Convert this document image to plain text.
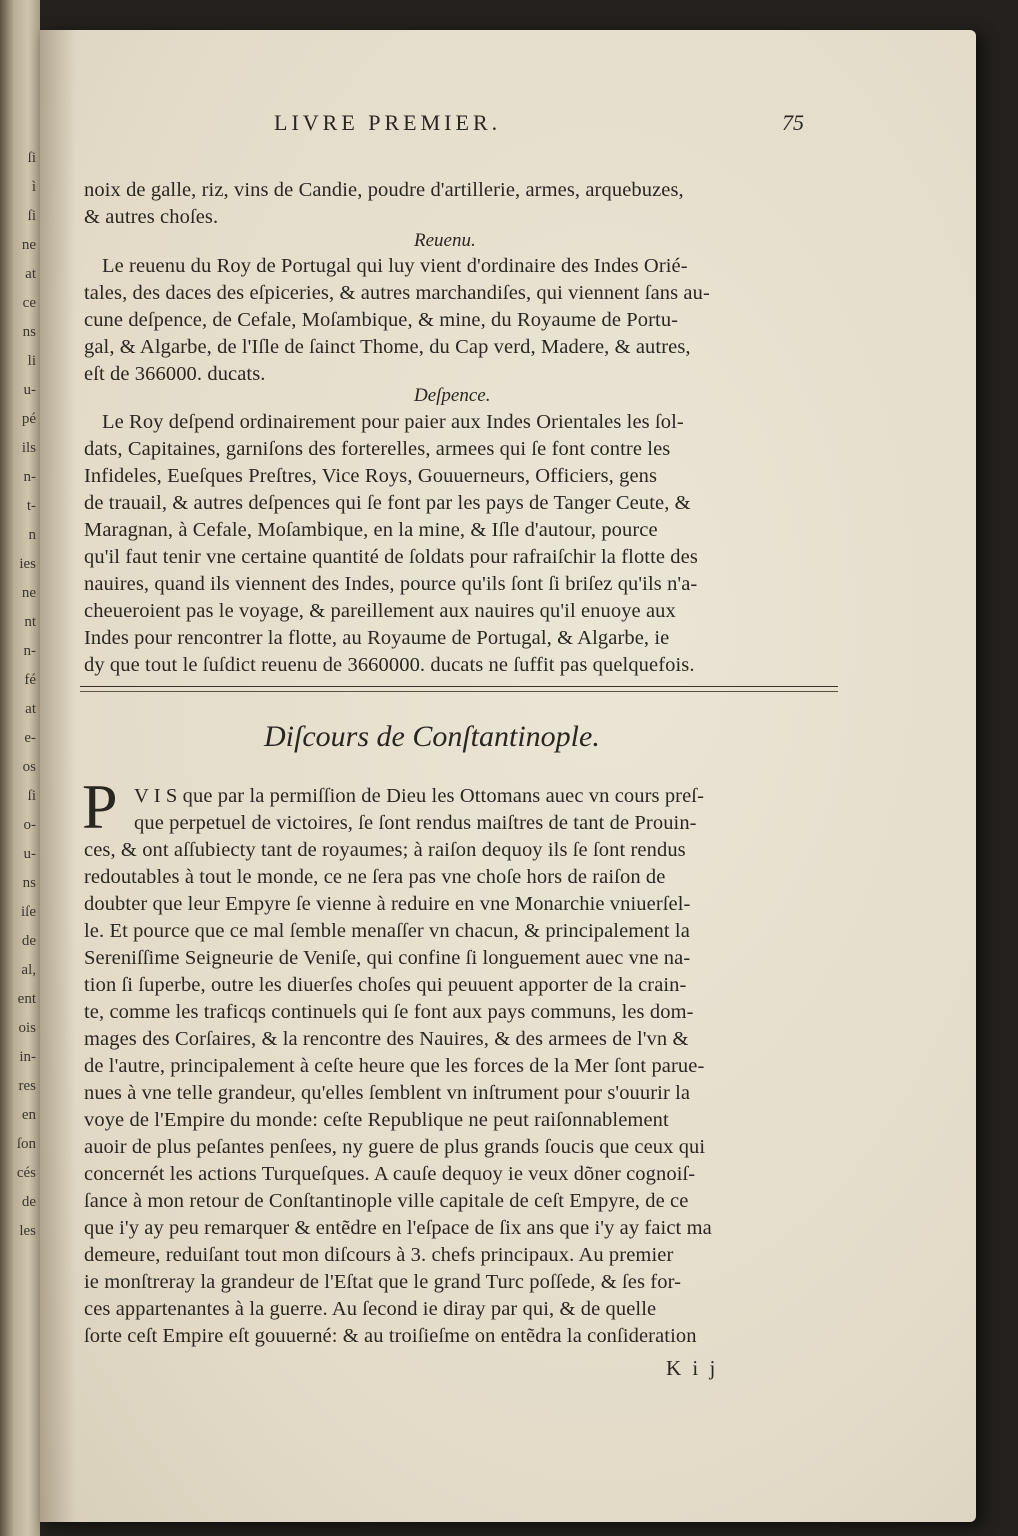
ſi
ì
ſi
ne
at
ce
ns
li
u-
pé
ils
n-
t-
n
ies
ne
nt
n-
fé
at
e-
os
ſi
o-
u-
ns
iſe
de
al,
ent
ois
in-
res
en
ſon
cés
de
les
LIVRE PREMIER.	75
noix de galle, riz, vins de Candie, poudre d'artillerie, armes, arquebuzes,
& autres choſes.
Reuenu.
Le reuenu du Roy de Portugal qui luy vient d'ordinaire des Indes Orié-
tales, des daces des eſpiceries, & autres marchandiſes, qui viennent ſans au-
cune deſpence, de Cefale, Moſambique, & mine, du Royaume de Portu-
gal, & Algarbe, de l'Iſle de ſainct Thome, du Cap verd, Madere, & autres,
eſt de 366000. ducats.
Deſpence.
Le Roy deſpend ordinairement pour paier aux Indes Orientales les ſol-
dats, Capitaines, garniſons des forterelles, armees qui ſe font contre les
Infideles, Eueſques Preſtres, Vice Roys, Gouuerneurs, Officiers, gens
de trauail, & autres deſpences qui ſe font par les pays de Tanger Ceute, &
Maragnan, à Cefale, Moſambique, en la mine, & Iſle d'autour, pource
qu'il faut tenir vne certaine quantité de ſoldats pour rafraiſchir la flotte des
nauires, quand ils viennent des Indes, pource qu'ils ſont ſi briſez qu'ils n'a-
cheueroient pas le voyage, & pareillement aux nauires qu'il enuoye aux
Indes pour rencontrer la flotte, au Royaume de Portugal, & Algarbe, ie
dy que tout le ſuſdict reuenu de 3660000. ducats ne ſuffit pas quelquefois.
Diſcours de Conſtantinople.
P V I S que par la permiſſion de Dieu les Ottomans auec vn cours preſ-
que perpetuel de victoires, ſe ſont rendus maiſtres de tant de Prouin-
ces, & ont aſſubiecty tant de royaumes; à raiſon dequoy ils ſe ſont rendus
redoutables à tout le monde, ce ne ſera pas vne choſe hors de raiſon de
doubter que leur Empyre ſe vienne à reduire en vne Monarchie vniuerſel-
le. Et pource que ce mal ſemble menaſſer vn chacun, & principalement la
Sereniſſime Seigneurie de Veniſe, qui confine ſi longuement auec vne na-
tion ſi ſuperbe, outre les diuerſes choſes qui peuuent apporter de la crain-
te, comme les traficqs continuels qui ſe font aux pays communs, les dom-
mages des Corſaires, & la rencontre des Nauires, & des armees de l'vn &
de l'autre, principalement à ceſte heure que les forces de la Mer ſont parue-
nues à vne telle grandeur, qu'elles ſemblent vn inſtrument pour s'ouurir la
voye de l'Empire du monde: ceſte Republique ne peut raiſonnablement
auoir de plus peſantes penſees, ny guere de plus grands ſoucis que ceux qui
concernét les actions Turqueſques. A cauſe dequoy ie veux dõner cognoiſ-
ſance à mon retour de Conſtantinople ville capitale de ceſt Empyre, de ce
que i'y ay peu remarquer & entẽdre en l'eſpace de ſix ans que i'y ay faict ma
demeure, reduiſant tout mon diſcours à 3. chefs principaux. Au premier
ie monſtreray la grandeur de l'Eſtat que le grand Turc poſſede, & ſes for-
ces appartenantes à la guerre. Au ſecond ie diray par qui, & de quelle
ſorte ceſt Empire eſt gouuerné: & au troiſieſme on entẽdra la conſideration
K i j
